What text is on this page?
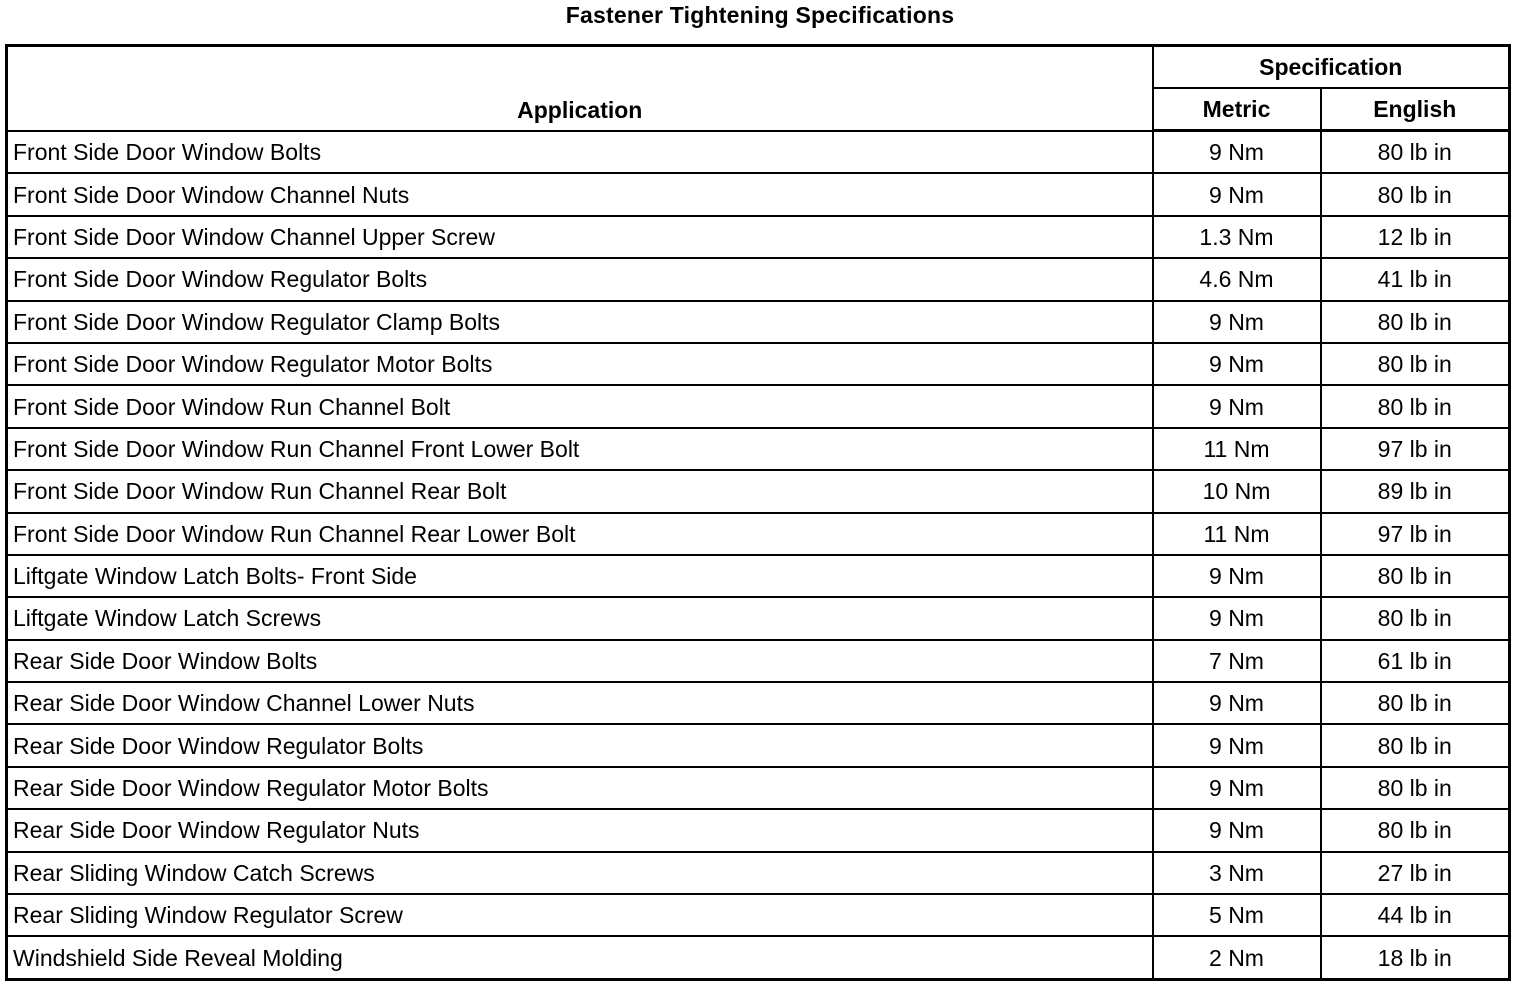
Fastener Tightening Specifications
Application	Specification	
	Metric	English
Front Side Door Window Bolts	9 Nm	80 lb in
Front Side Door Window Channel Nuts	9 Nm	80 lb in
Front Side Door Window Channel Upper Screw	1.3 Nm	12 lb in
Front Side Door Window Regulator Bolts	4.6 Nm	41 lb in
Front Side Door Window Regulator Clamp Bolts	9 Nm	80 lb in
Front Side Door Window Regulator Motor Bolts	9 Nm	80 lb in
Front Side Door Window Run Channel Bolt	9 Nm	80 lb in
Front Side Door Window Run Channel Front Lower Bolt	11 Nm	97 lb in
Front Side Door Window Run Channel Rear Bolt	10 Nm	89 lb in
Front Side Door Window Run Channel Rear Lower Bolt	11 Nm	97 lb in
Liftgate Window Latch Bolts- Front Side	9 Nm	80 lb in
Liftgate Window Latch Screws	9 Nm	80 lb in
Rear Side Door Window Bolts	7 Nm	61 lb in
Rear Side Door Window Channel Lower Nuts	9 Nm	80 lb in
Rear Side Door Window Regulator Bolts	9 Nm	80 lb in
Rear Side Door Window Regulator Motor Bolts	9 Nm	80 lb in
Rear Side Door Window Regulator Nuts	9 Nm	80 lb in
Rear Sliding Window Catch Screws	3 Nm	27 lb in
Rear Sliding Window Regulator Screw	5 Nm	44 lb in
Windshield Side Reveal Molding	2 Nm	18 lb in
